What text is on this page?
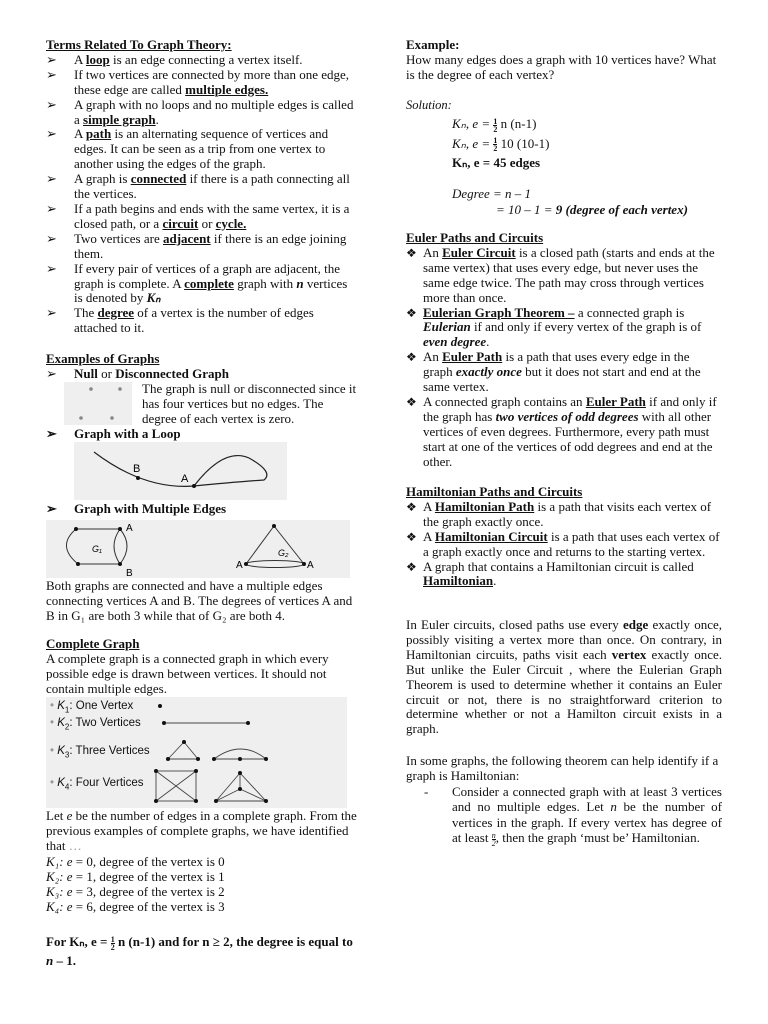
Terms Related To Graph Theory:
➢ A loop is an edge connecting a vertex itself.
➢ If two vertices are connected by more than one edge, these edge are called multiple edges.
➢ A graph with no loops and no multiple edges is called a simple graph.
➢ A path is an alternating sequence of vertices and edges. It can be seen as a trip from one vertex to another using the edges of the graph.
➢ A graph is connected if there is a path connecting all the vertices.
➢ If a path begins and ends with the same vertex, it is a closed path, or a circuit or cycle.
➢ Two vertices are adjacent if there is an edge joining them.
➢ If every pair of vertices of a graph are adjacent, the graph is complete. A complete graph with n vertices is denoted by Kₙ
➢ The degree of a vertex is the number of edges attached to it.
Examples of Graphs
➢ Null or Disconnected Graph
The graph is null or disconnected since it has four vertices but no edges. The degree of each vertex is zero.
➢ Graph with a Loop
B
A
➢ Graph with Multiple Edges
A
B
G₁	G₂
A	A
Both graphs are connected and have a multiple edges connecting vertices A and B. The degrees of vertices A and B in G₁ are both 3 while that of G₂ are both 4.
Complete Graph
A complete graph is a connected graph in which every possible edge is drawn between vertices. It should not contain multiple edges.
• $K_1$: One Vertex
• $K_2$: Two Vertices
• $K_3$: Three Vertices
• $K_4$: Four Vertices
Let e be the number of edges in a complete graph. From the previous examples of complete graphs, we have identified that …
K₁: e = 0, degree of the vertex is 0
K₂: e = 1, degree of the vertex is 1
K₃: e = 3, degree of the vertex is 2
K₄: e = 6, degree of the vertex is 3
For Kₙ, $e = \frac{1}{2}$ n (n-1) and for n ≥ 2, the degree is equal to n – 1.
Example:
How many edges does a graph with 10 vertices have? What is the degree of each vertex?
Solution:
Kₙ, $e = \frac{1}{2}$ n (n-1)
Kₙ, $e = \frac{1}{2} 10$ (10-1)
Kₙ, e = 45 edges
Degree = n – 1
= 10 – 1 = 9 (degree of each vertex)
Euler Paths and Circuits
❖ An Euler Circuit is a closed path (starts and ends at the same vertex) that uses every edge, but never uses the same edge twice. The path may cross through vertices more than once.
❖ Eulerian Graph Theorem – a connected graph is Eulerian if and only if every vertex of the graph is of even degree.
❖ An Euler Path is a path that uses every edge in the graph exactly once but it does not start and end at the same vertex.
❖ A connected graph contains an Euler Path if and only if the graph has two vertices of odd degrees with all other vertices of even degrees. Furthermore, every path must start at one of the vertices of odd degrees and end at the other.
Hamiltonian Paths and Circuits
❖ A Hamiltonian Path is a path that visits each vertex of the graph exactly once.
❖ A Hamiltonian Circuit is a path that uses each vertex of a graph exactly once and returns to the starting vertex.
❖ A graph that contains a Hamiltonian circuit is called Hamiltonian.
In Euler circuits, closed paths use every edge exactly once, possibly visiting a vertex more than once. On contrary, in Hamiltonian circuits, paths visit each vertex exactly once. But unlike the Euler Circuit , where the Eulerian Graph Theorem is used to determine whether it contains an Euler circuit or not, there is no straightforward criterion to determine whether or not a Hamilton circuit exists in a graph.
In some graphs, the following theorem can help identify if a graph is Hamiltonian:
- Consider a connected graph with at least 3 vertices and no multiple edges. Let n be the number of vertices in the graph. If every vertex has degree of at least $\frac{n}{2}$ , then the graph ‘must be’ Hamiltonian.
